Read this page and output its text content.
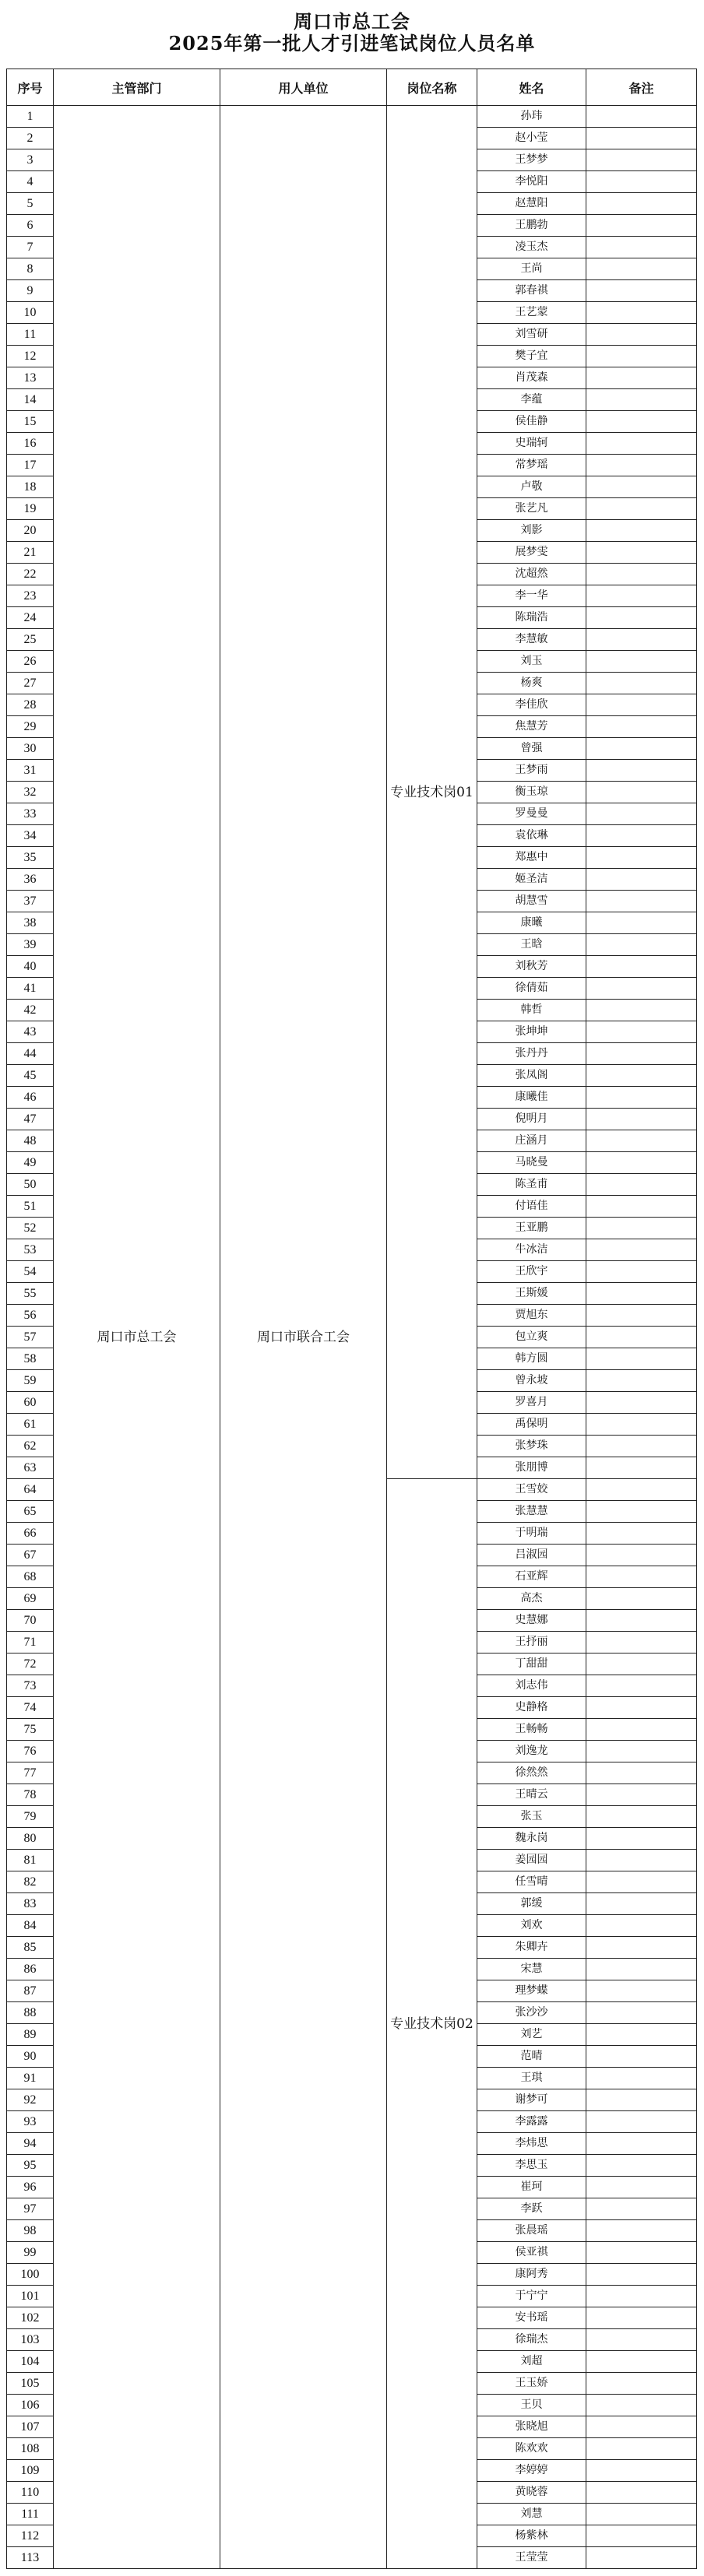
周口市总工会
2025年第一批人才引进笔试岗位人员名单
序号	主管部门	用人单位	岗位名称	姓名	备注
1	周口市总工会	周口市联合工会	专业技术岗01	孙玮	
2				赵小莹	
3				王梦梦	
4				李悦阳	
5				赵慧阳	
6				王鹏勃	
7				凌玉杰	
8				王尚	
9				郭春祺	
10				王艺蒙	
11				刘雪研	
12				樊子宜	
13				肖茂森	
14				李蕴	
15				侯佳静	
16				史瑞轲	
17				常梦瑶	
18				卢敬	
19				张艺凡	
20				刘影	
21				展梦雯	
22				沈超然	
23				李一华	
24				陈瑞浩	
25				李慧敏	
26				刘玉	
27				杨爽	
28				李佳欣	
29				焦慧芳	
30				曾强	
31				王梦雨	
32				衡玉琼	
33				罗曼曼	
34				袁依琳	
35				郑惠中	
36				姬圣洁	
37				胡慧雪	
38				康曦	
39				王晗	
40				刘秋芳	
41				徐倩茹	
42				韩哲	
43				张坤坤	
44				张丹丹	
45				张凤阁	
46				康曦佳	
47				倪明月	
48				庄涵月	
49				马晓曼	
50				陈圣甫	
51				付语佳	
52				王亚鹏	
53				牛冰洁	
54				王欣宇	
55				王斯媛	
56				贾旭东	
57				包立爽	
58				韩方圆	
59				曾永坡	
60				罗喜月	
61				禹保明	
62				张梦珠	
63				张朋博	
64			专业技术岗02	王雪姣	
65				张慧慧	
66				于明瑞	
67				吕淑园	
68				石亚辉	
69				高杰	
70				史慧娜	
71				王抒丽	
72				丁甜甜	
73				刘志伟	
74				史静格	
75				王畅畅	
76				刘逸龙	
77				徐然然	
78				王晴云	
79				张玉	
80				魏永岗	
81				姜园园	
82				任雪晴	
83				郭缓	
84				刘欢	
85				朱卿卉	
86				宋慧	
87				理梦蝶	
88				张沙沙	
89				刘艺	
90				范晴	
91				王琪	
92				谢梦可	
93				李露露	
94				李炜思	
95				李思玉	
96				崔珂	
97				李跃	
98				张晨瑶	
99				侯亚祺	
100				康阿秀	
101				于宁宁	
102				安书瑶	
103				徐瑞杰	
104				刘超	
105				王玉娇	
106				王贝	
107				张晓旭	
108				陈欢欢	
109				李婷婷	
110				黄晓蓉	
111				刘慧	
112				杨紫林	
113				王莹莹	
